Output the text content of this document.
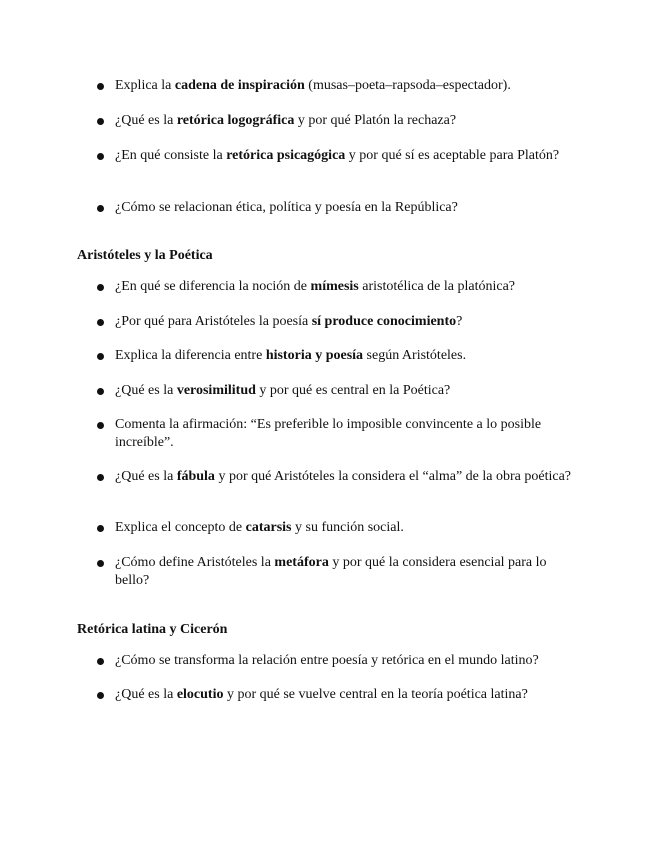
Explica la cadena de inspiración (musas–poeta–rapsoda–espectador).
¿Qué es la retórica logográfica y por qué Platón la rechaza?
¿En qué consiste la retórica psicagógica y por qué sí es aceptable para Platón?
¿Cómo se relacionan ética, política y poesía en la República?
Aristóteles y la Poética
¿En qué se diferencia la noción de mímesis aristotélica de la platónica?
¿Por qué para Aristóteles la poesía sí produce conocimiento?
Explica la diferencia entre historia y poesía según Aristóteles.
¿Qué es la verosimilitud y por qué es central en la Poética?
Comenta la afirmación: “Es preferible lo imposible convincente a lo posible increíble”.
¿Qué es la fábula y por qué Aristóteles la considera el “alma” de la obra poética?
Explica el concepto de catarsis y su función social.
¿Cómo define Aristóteles la metáfora y por qué la considera esencial para lo bello?
Retórica latina y Cicerón
¿Cómo se transforma la relación entre poesía y retórica en el mundo latino?
¿Qué es la elocutio y por qué se vuelve central en la teoría poética latina?
